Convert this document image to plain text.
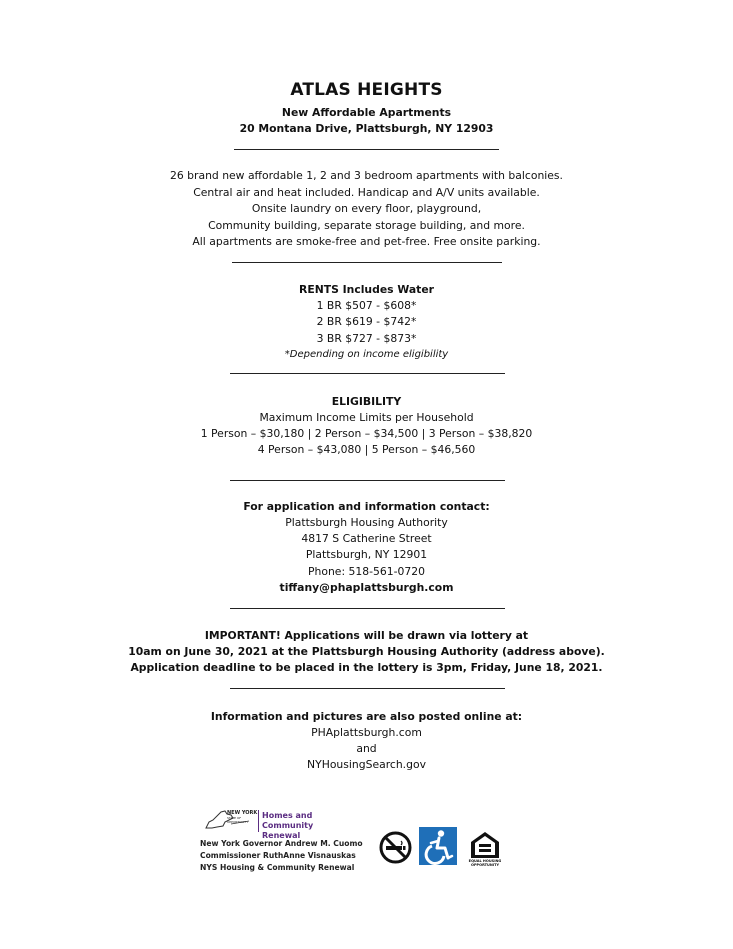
ATLAS HEIGHTS
New Affordable Apartments
20 Montana Drive, Plattsburgh, NY 12903
26 brand new affordable 1, 2 and 3 bedroom apartments with balconies.
Central air and heat included. Handicap and A/V units available.
Onsite laundry on every floor, playground,
Community building, separate storage building, and more.
All apartments are smoke-free and pet-free. Free onsite parking.
RENTS Includes Water
1 BR $507 - $608*
2 BR $619 - $742*
3 BR $727 - $873*
*Depending on income eligibility
ELIGIBILITY
Maximum Income Limits per Household
1 Person – $30,180 | 2 Person – $34,500 | 3 Person – $38,820
4 Person – $43,080 | 5 Person – $46,560
For application and information contact:
Plattsburgh Housing Authority
4817 S Catherine Street
Plattsburgh, NY 12901
Phone: 518-561-0720
tiffany@phaplattsburgh.com
IMPORTANT! Applications will be drawn via lottery at
10am on June 30, 2021 at the Plattsburgh Housing Authority (address above).
Application deadline to be placed in the lottery is 3pm, Friday, June 18, 2021.
Information and pictures are also posted online at:
PHAplattsburgh.com
and
NYHousingSearch.gov
NEW YORK
STATE OF OPPORTUNITY
Homes and
Community Renewal
New York Governor Andrew M. Cuomo
Commissioner RuthAnne Visnauskas
NYS Housing & Community Renewal
EQUAL HOUSING
OPPORTUNITY
